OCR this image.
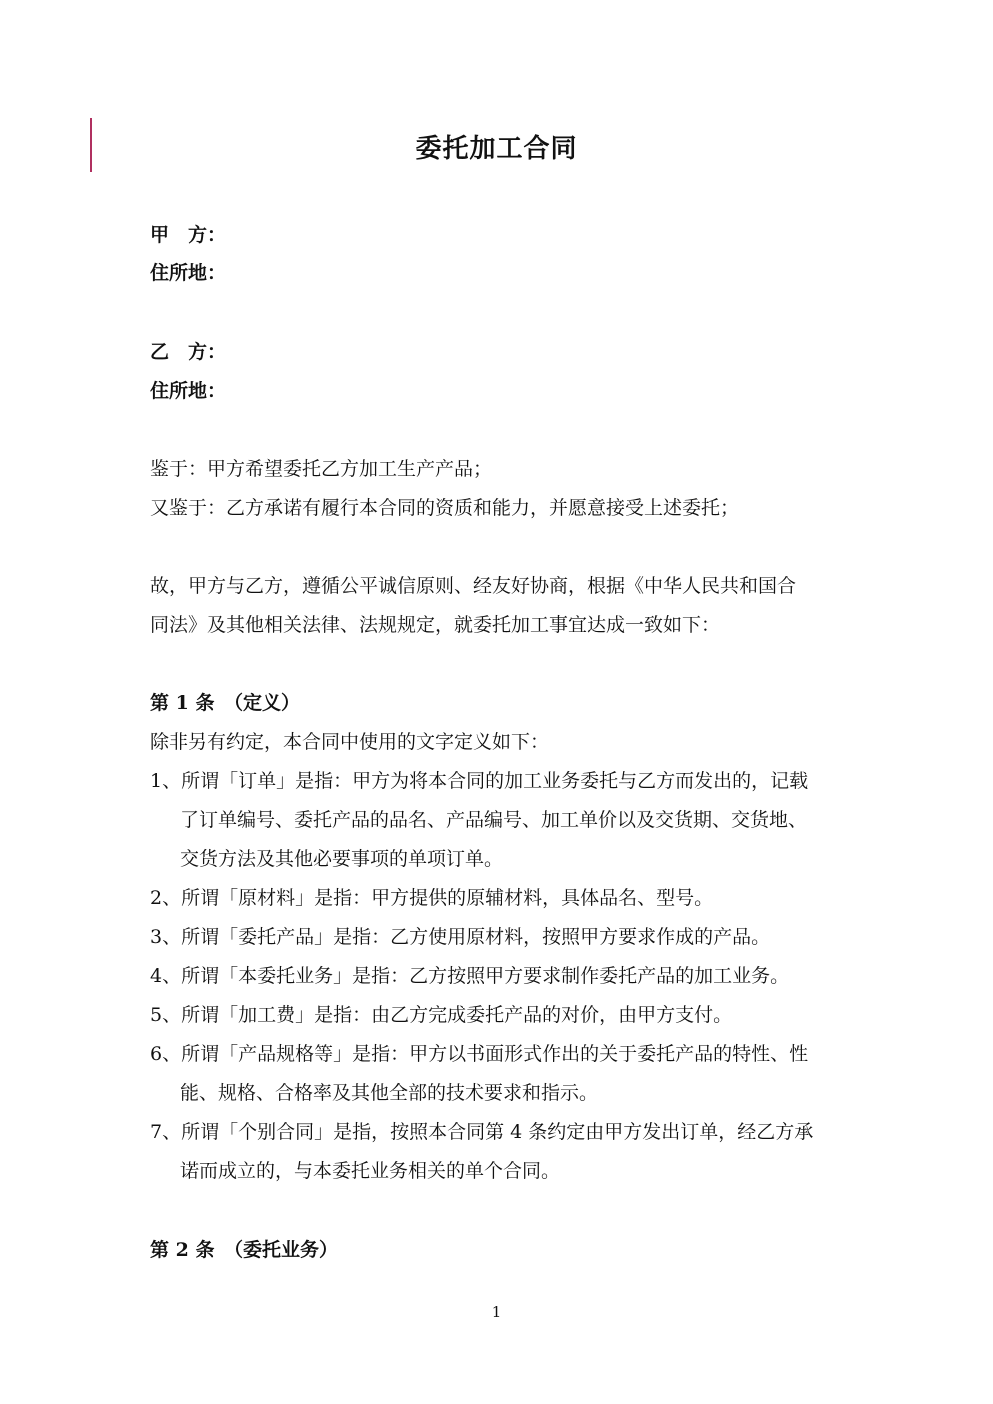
委托加工合同
甲　方：
住所地：
乙　方：
住所地：
鉴于：甲方希望委托乙方加工生产产品；
又鉴于：乙方承诺有履行本合同的资质和能力，并愿意接受上述委托；
故，甲方与乙方，遵循公平诚信原则、经友好协商，根据《中华人民共和国合
同法》及其他相关法律、法规规定，就委托加工事宜达成一致如下：
第 1 条　（定义）
除非另有约定，本合同中使用的文字定义如下：
1、所谓「订单」是指：甲方为将本合同的加工业务委托与乙方而发出的，记载
了订单编号、委托产品的品名、产品编号、加工单价以及交货期、交货地、
交货方法及其他必要事项的单项订单。
2、所谓「原材料」是指：甲方提供的原辅材料，具体品名、型号。
3、所谓「委托产品」是指：乙方使用原材料，按照甲方要求作成的产品。
4、所谓「本委托业务」是指：乙方按照甲方要求制作委托产品的加工业务。
5、所谓「加工费」是指：由乙方完成委托产品的对价，由甲方支付。
6、所谓「产品规格等」是指：甲方以书面形式作出的关于委托产品的特性、性
能、规格、合格率及其他全部的技术要求和指示。
7、所谓「个别合同」是指，按照本合同第 4 条约定由甲方发出订单，经乙方承
诺而成立的，与本委托业务相关的单个合同。
第 2 条　（委托业务）
1
